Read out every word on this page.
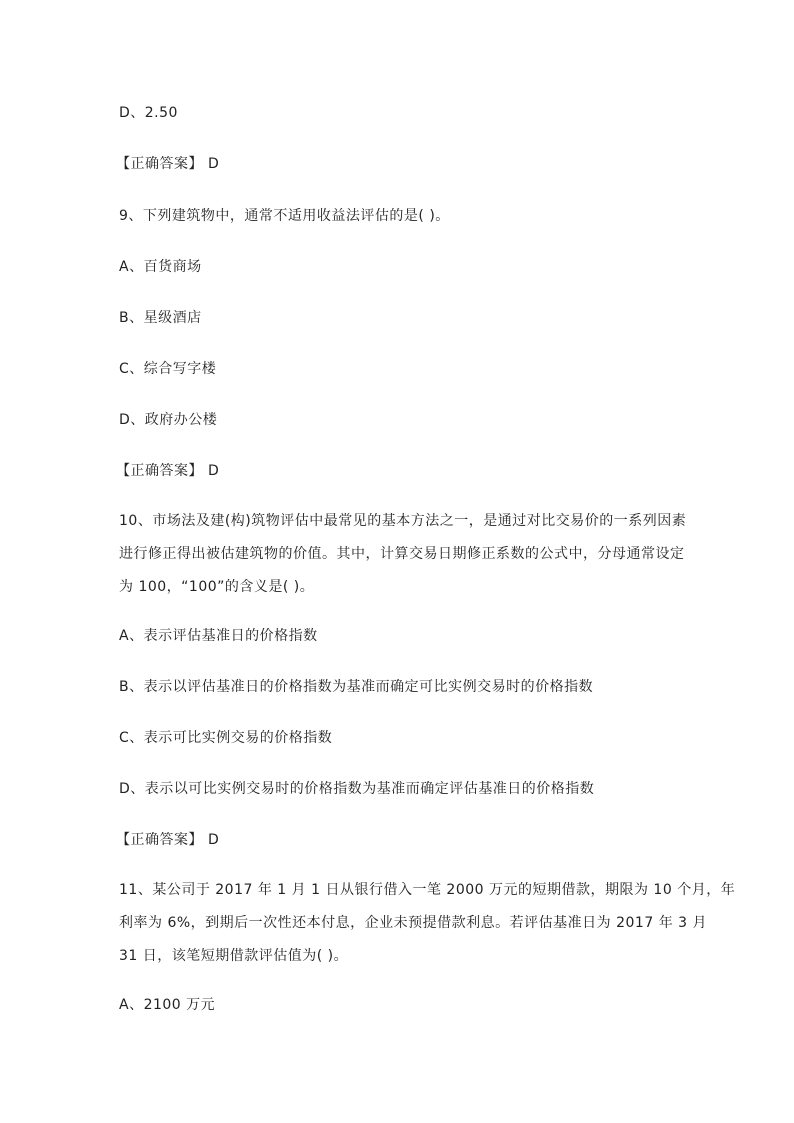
D、2.50
【正确答案】 D
9、下列建筑物中，通常不适用收益法评估的是( )。
A、百货商场
B、星级酒店
C、综合写字楼
D、政府办公楼
【正确答案】 D
10、市场法及建(构)筑物评估中最常见的基本方法之一，是通过对比交易价的一系列因素
进行修正得出被估建筑物的价值。其中，计算交易日期修正系数的公式中，分母通常设定
为 100，“100”的含义是( )。
A、表示评估基准日的价格指数
B、表示以评估基准日的价格指数为基准而确定可比实例交易时的价格指数
C、表示可比实例交易的价格指数
D、表示以可比实例交易时的价格指数为基准而确定评估基准日的价格指数
【正确答案】 D
11、某公司于 2017 年 1 月 1 日从银行借入一笔 2000 万元的短期借款，期限为 10 个月，年
利率为 6%，到期后一次性还本付息，企业未预提借款利息。若评估基准日为 2017 年 3 月
31 日，该笔短期借款评估值为( )。
A、2100 万元
